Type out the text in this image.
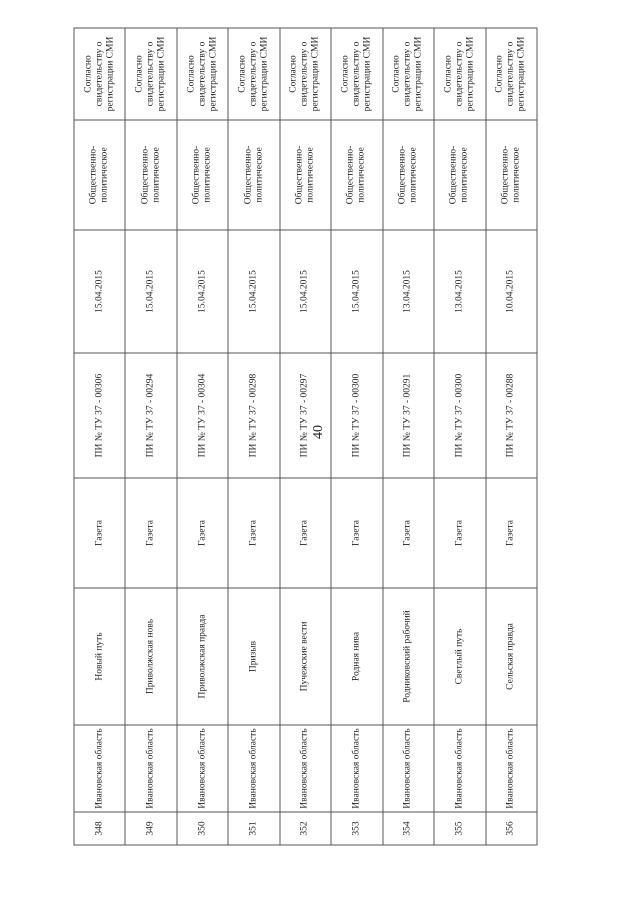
40
348	Ивановская область	Новый путь	Газета	ПИ № ТУ 37 - 00306	15.04.2015	Общественно-политическое	Согласно свидетельству о регистрации СМИ
349	Ивановская область	Приволжская новь	Газета	ПИ № ТУ 37 - 00294	15.04.2015	Общественно-политическое	Согласно свидетельству о регистрации СМИ
350	Ивановская область	Приволжская правда	Газета	ПИ № ТУ 37 - 00304	15.04.2015	Общественно-политическое	Согласно свидетельству о регистрации СМИ
351	Ивановская область	Призыв	Газета	ПИ № ТУ 37 - 00298	15.04.2015	Общественно-политическое	Согласно свидетельству о регистрации СМИ
352	Ивановская область	Пучежские вести	Газета	ПИ № ТУ 37 - 00297	15.04.2015	Общественно-политическое	Согласно свидетельству о регистрации СМИ
353	Ивановская область	Родная нива	Газета	ПИ № ТУ 37 - 00300	15.04.2015	Общественно-политическое	Согласно свидетельству о регистрации СМИ
354	Ивановская область	Родниковский рабочий	Газета	ПИ № ТУ 37 - 00291	13.04.2015	Общественно-политическое	Согласно свидетельству о регистрации СМИ
355	Ивановская область	Светлый путь	Газета	ПИ № ТУ 37 - 00300	13.04.2015	Общественно-политическое	Согласно свидетельству о регистрации СМИ
356	Ивановская область	Сельская правда	Газета	ПИ № ТУ 37 - 00288	10.04.2015	Общественно-политическое	Согласно свидетельству о регистрации СМИ
